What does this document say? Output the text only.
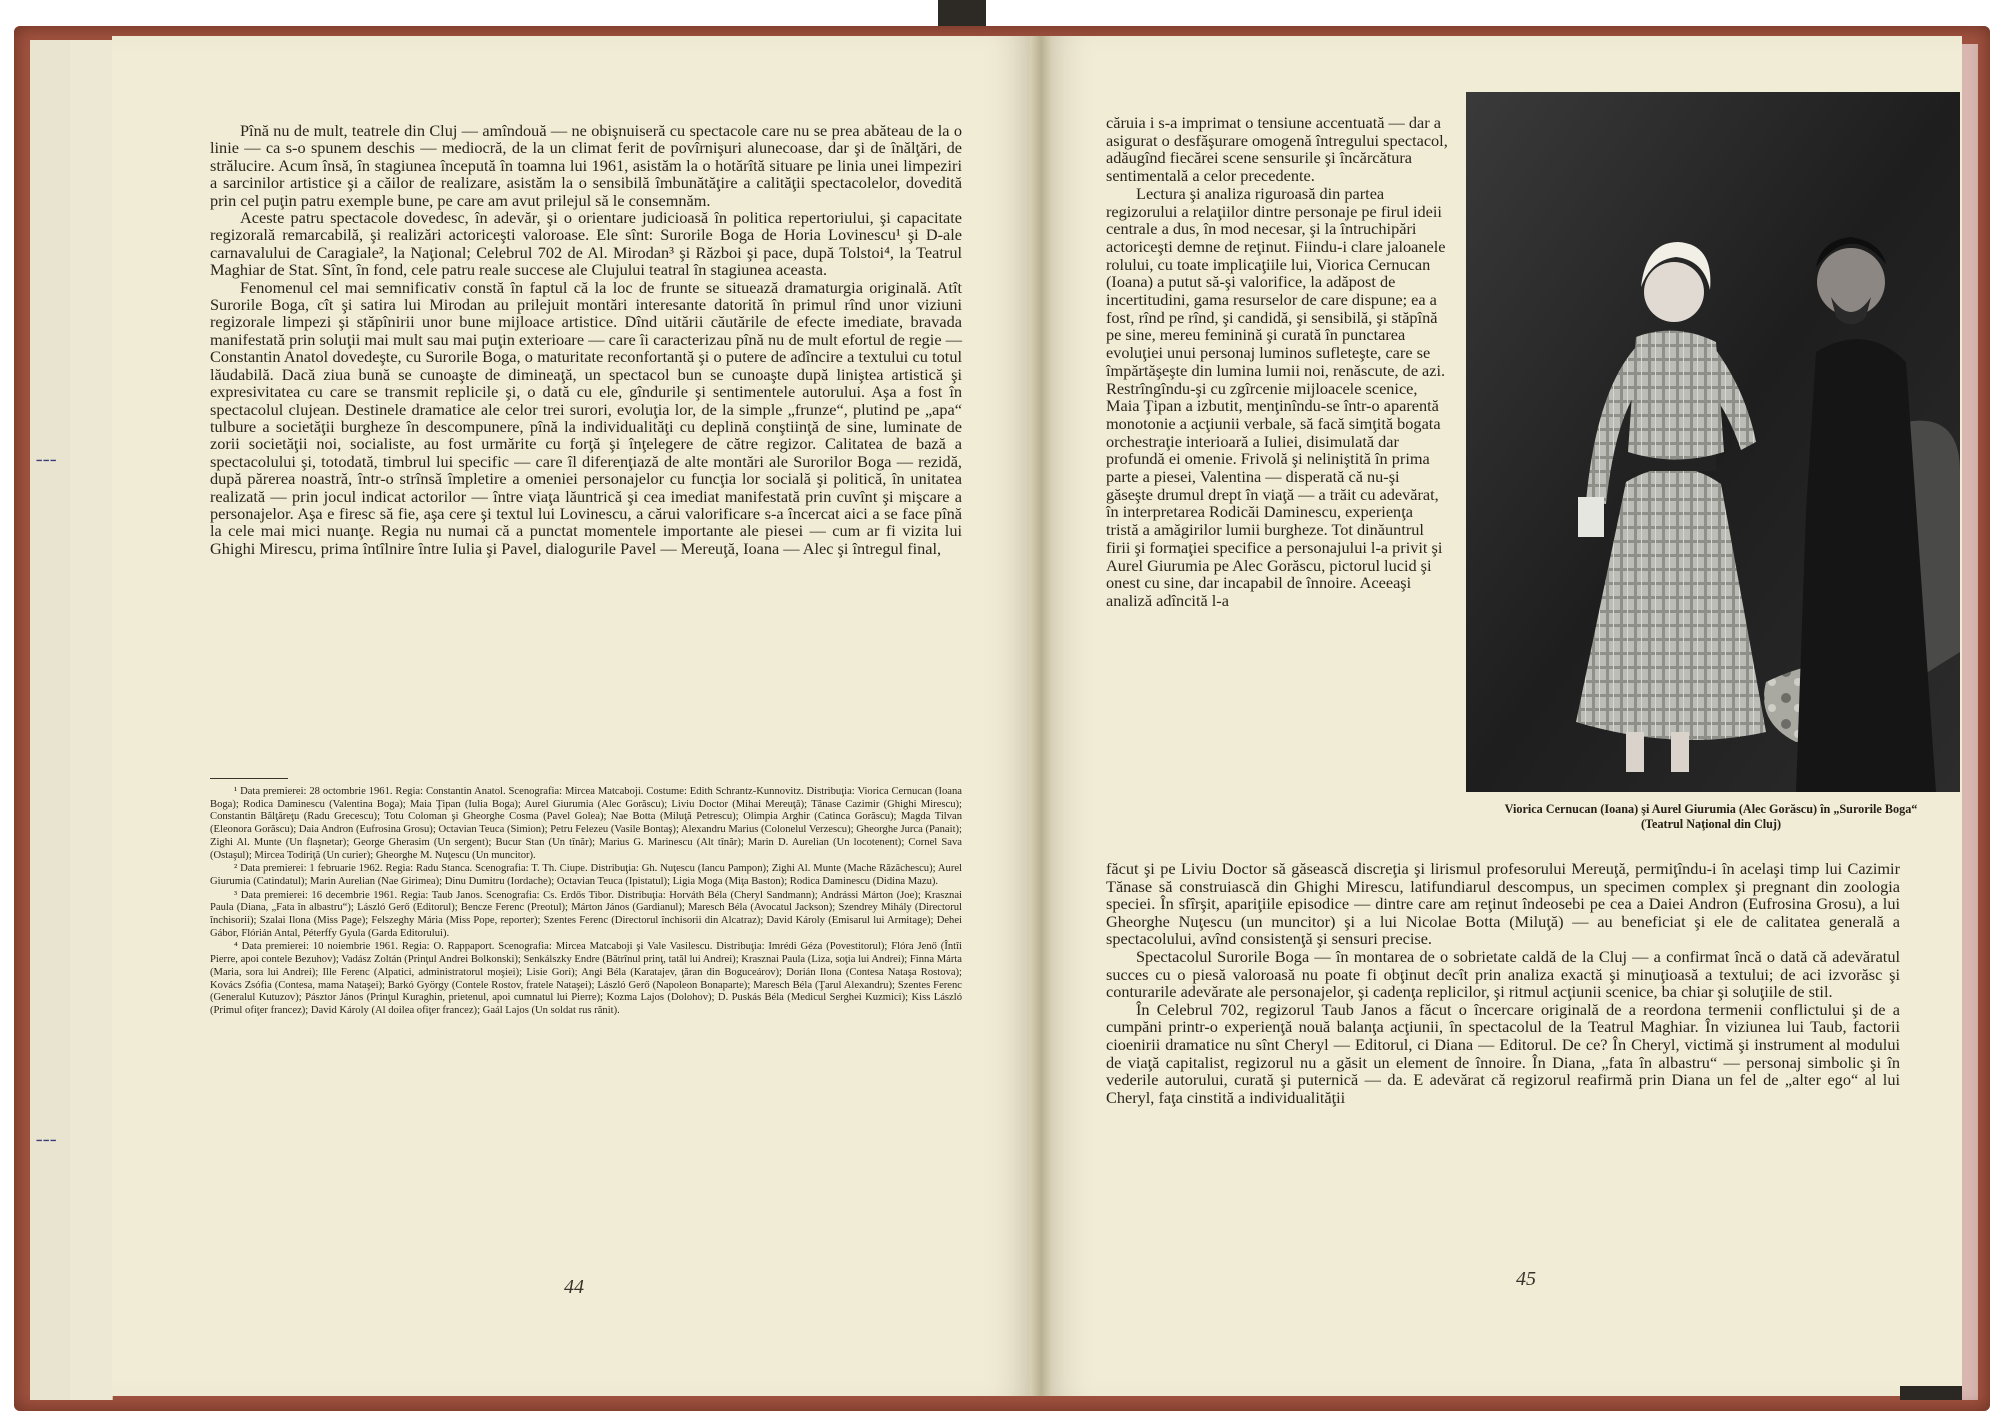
┆
┆

Pînă nu de mult, teatrele din Cluj — amîndouă — ne obişnuiseră cu spectacole care nu se prea abăteau de la o linie — ca s-o spunem deschis — mediocră, de la un climat ferit de povîrnişuri alunecoase, dar şi de înălţări, de strălucire. Acum însă, în stagiunea începută în toamna lui 1961, asistăm la o hotărîtă situare pe linia unei limpeziri a sarcinilor artistice şi a căilor de realizare, asistăm la o sensibilă îmbunătăţire a calităţii spectacolelor, dovedită prin cel puţin patru exemple bune, pe care am avut prilejul să le consemnăm.

Aceste patru spectacole dovedesc, în adevăr, şi o orientare judicioasă în politica repertoriului, şi capacitate regizorală remarcabilă, şi realizări actoriceşti valoroase. Ele sînt: Surorile Boga de Horia Lovinescu¹ şi D-ale carnavalului de Caragiale², la Naţional; Celebrul 702 de Al. Mirodan³ şi Război şi pace, după Tolstoi⁴, la Teatrul Maghiar de Stat. Sînt, în fond, cele patru reale succese ale Clujului teatral în stagiunea aceasta.

Fenomenul cel mai semnificativ constă în faptul că la loc de frunte se situează dramaturgia originală. Atît Surorile Boga, cît şi satira lui Mirodan au prilejuit montări interesante datorită în primul rînd unor viziuni regizorale limpezi şi stăpînirii unor bune mijloace artistice. Dînd uitării căutările de efecte imediate, bravada manifestată prin soluţii mai mult sau mai puţin exterioare — care îi caracterizau pînă nu de mult efortul de regie — Constantin Anatol dovedeşte, cu Surorile Boga, o maturitate reconfortantă şi o putere de adîncire a textului cu totul lăudabilă. Dacă ziua bună se cunoaşte de dimineaţă, un spectacol bun se cunoaşte după liniştea artistică şi expresivitatea cu care se transmit replicile şi, o dată cu ele, gîndurile şi sentimentele autorului. Aşa a fost în spectacolul clujean. Destinele dramatice ale celor trei surori, evoluţia lor, de la simple „frunze“, plutind pe „apa“ tulbure a societăţii burgheze în descompunere, pînă la individualităţi cu deplină conştiinţă de sine, luminate de zorii societăţii noi, socialiste, au fost urmărite cu forţă şi înţelegere de către regizor. Calitatea de bază a spectacolului şi, totodată, timbrul lui specific — care îl diferenţiază de alte montări ale Surorilor Boga — rezidă, după părerea noastră, într-o strînsă împletire a omeniei personajelor cu funcţia lor socială şi politică, în unitatea realizată — prin jocul indicat actorilor — între viaţa lăuntrică şi cea imediat manifestată prin cuvînt şi mişcare a personajelor. Aşa e firesc să fie, aşa cere şi textul lui Lovinescu, a cărui valorificare s-a încercat aici a se face pînă la cele mai mici nuanţe. Regia nu numai că a punctat momentele importante ale piesei — cum ar fi vizita lui Ghighi Mirescu, prima întîlnire între Iulia şi Pavel, dialogurile Pavel — Mereuţă, Ioana — Alec şi întregul final,

¹ Data premierei: 28 octombrie 1961. Regia: Constantin Anatol. Scenografia: Mircea Matcaboji. Costume: Edith Schrantz-Kunnovitz. Distribuţia: Viorica Cernucan (Ioana Boga); Rodica Daminescu (Valentina Boga); Maia Ţipan (Iulia Boga); Aurel Giurumia (Alec Gorăscu); Liviu Doctor (Mihai Mereuţă); Tănase Cazimir (Ghighi Mirescu); Constantin Bălţăreţu (Radu Grecescu); Totu Coloman şi Gheorghe Cosma (Pavel Golea); Nae Botta (Miluţă Petrescu); Olimpia Arghir (Catinca Gorăscu); Magda Tilvan (Eleonora Gorăscu); Daia Andron (Eufrosina Grosu); Octavian Teuca (Simion); Petru Felezeu (Vasile Bontaş); Alexandru Marius (Colonelul Verzescu); Gheorghe Jurca (Panait); Zighi Al. Munte (Un flaşnetar); George Gherasim (Un sergent); Bucur Stan (Un tînăr); Marius G. Marinescu (Alt tînăr); Marin D. Aurelian (Un locotenent); Cornel Sava (Ostaşul); Mircea Todiriţă (Un curier); Gheorghe M. Nuţescu (Un muncitor).

² Data premierei: 1 februarie 1962. Regia: Radu Stanca. Scenografia: T. Th. Ciupe. Distribuţia: Gh. Nuţescu (Iancu Pampon); Zighi Al. Munte (Mache Răzăchescu); Aurel Giurumia (Catindatul); Marin Aurelian (Nae Girimea); Dinu Dumitru (Iordache); Octavian Teuca (Ipistatul); Ligia Moga (Miţa Baston); Rodica Daminescu (Didina Mazu).

³ Data premierei: 16 decembrie 1961. Regia: Taub Janos. Scenografia: Cs. Erdős Tibor. Distribuţia: Horváth Béla (Cheryl Sandmann); Andrássi Márton (Joe); Krasznai Paula (Diana, „Fata în albastru“); László Gerő (Editorul); Bencze Ferenc (Preotul); Márton János (Gardianul); Maresch Béla (Avocatul Jackson); Szendrey Mihály (Directorul închisorii); Szalai Ilona (Miss Page); Felszeghy Mária (Miss Pope, reporter); Szentes Ferenc (Directorul închisorii din Alcatraz); David Károly (Emisarul lui Armitage); Dehei Gábor, Flórián Antal, Péterffy Gyula (Garda Editorului).

⁴ Data premierei: 10 noiembrie 1961. Regia: O. Rappaport. Scenografia: Mircea Matcaboji şi Vale Vasilescu. Distribuţia: Imrédi Géza (Povestitorul); Flóra Jenő (Întîi Pierre, apoi contele Bezuhov); Vadász Zoltán (Prinţul Andrei Bolkonski); Senkálszky Endre (Bătrînul prinţ, tatăl lui Andrei); Krasznai Paula (Liza, soţia lui Andrei); Finna Márta (Maria, sora lui Andrei); Ille Ferenc (Alpatici, administratorul moşiei); Lisie Gori); Angi Béla (Karatajev, ţăran din Boguceárov); Dorián Ilona (Contesa Nataşa Rostova); Kovács Zsófia (Contesa, mama Nataşei); Barkó György (Contele Rostov, fratele Nataşei); László Gerő (Napoleon Bonaparte); Maresch Béla (Ţarul Alexandru); Szentes Ferenc (Generalul Kutuzov); Pásztor János (Prinţul Kuraghin, prietenul, apoi cumnatul lui Pierre); Kozma Lajos (Dolohov); D. Puskás Béla (Medicul Serghei Kuzmici); Kiss László (Primul ofiţer francez); David Károly (Al doilea ofiţer francez); Gaál Lajos (Un soldat rus rănit).

44

căruia i s-a imprimat o tensiune accentuată — dar a asigurat o desfăşurare omogenă întregului spectacol, adăugînd fiecărei scene sensurile şi încărcătura sentimentală a celor precedente.

Lectura şi analiza riguroasă din partea regizorului a relaţiilor dintre personaje pe firul ideii centrale a dus, în mod necesar, şi la întruchipări actoriceşti demne de reţinut. Fiindu-i clare jaloanele rolului, cu toate implicaţiile lui, Viorica Cernucan (Ioana) a putut să-şi valorifice, la adăpost de incertitudini, gama resurselor de care dispune; ea a fost, rînd pe rînd, şi candidă, şi sensibilă, şi stăpînă pe sine, mereu feminină şi curată în punctarea evoluţiei unui personaj luminos sufleteşte, care se împărtăşeşte din lumina lumii noi, renăscute, de azi. Restrîngîndu-şi cu zgîrcenie mijloacele scenice, Maia Ţipan a izbutit, menţinîndu-se într-o aparentă monotonie a acţiunii verbale, să facă simţită bogata orchestraţie interioară a Iuliei, disimulată dar profundă ei omenie. Frivolă şi neliniştită în prima parte a piesei, Valentina — disperată că nu-şi găseşte drumul drept în viaţă — a trăit cu adevărat, în interpretarea Rodicăi Daminescu, experienţa tristă a amăgirilor lumii burgheze. Tot dinăuntrul firii şi formaţiei specifice a personajului l-a privit şi Aurel Giurumia pe Alec Gorăscu, pictorul lucid şi onest cu sine, dar incapabil de înnoire. Aceeaşi analiză adîncită l-a

Viorica Cernucan (Ioana) şi Aurel Giurumia (Alec Gorăscu) în „Surorile Boga“ (Teatrul Naţional din Cluj)

făcut şi pe Liviu Doctor să găsească discreţia şi lirismul profesorului Mereuţă, permiţîndu-i în acelaşi timp lui Cazimir Tănase să construiască din Ghighi Mirescu, latifundiarul descompus, un specimen complex şi pregnant din zoologia speciei. În sfîrşit, apariţiile episodice — dintre care am reţinut îndeosebi pe cea a Daiei Andron (Eufrosina Grosu), a lui Gheorghe Nuţescu (un muncitor) şi a lui Nicolae Botta (Miluţă) — au beneficiat şi ele de calitatea generală a spectacolului, avînd consistenţă şi sensuri precise.

Spectacolul Surorile Boga — în montarea de o sobrietate caldă de la Cluj — a confirmat încă o dată că adevăratul succes cu o piesă valoroasă nu poate fi obţinut decît prin analiza exactă şi minuţioasă a textului; de aci izvorăsc şi conturarile adevărate ale personajelor, şi cadenţa replicilor, şi ritmul acţiunii scenice, ba chiar şi soluţiile de stil.

În Celebrul 702, regizorul Taub Janos a făcut o încercare originală de a reordona termenii conflictului şi de a cumpăni printr-o experienţă nouă balanţa acţiunii, în spectacolul de la Teatrul Maghiar. În viziunea lui Taub, factorii cioenirii dramatice nu sînt Cheryl — Editorul, ci Diana — Editorul. De ce? În Cheryl, victimă şi instrument al modului de viaţă capitalist, regizorul nu a găsit un element de înnoire. În Diana, „fata în albastru“ — personaj simbolic şi în vederile autorului, curată şi puternică — da. E adevărat că regizorul reafirmă prin Diana un fel de „alter ego“ al lui Cheryl, faţa cinstită a individualităţii

45
